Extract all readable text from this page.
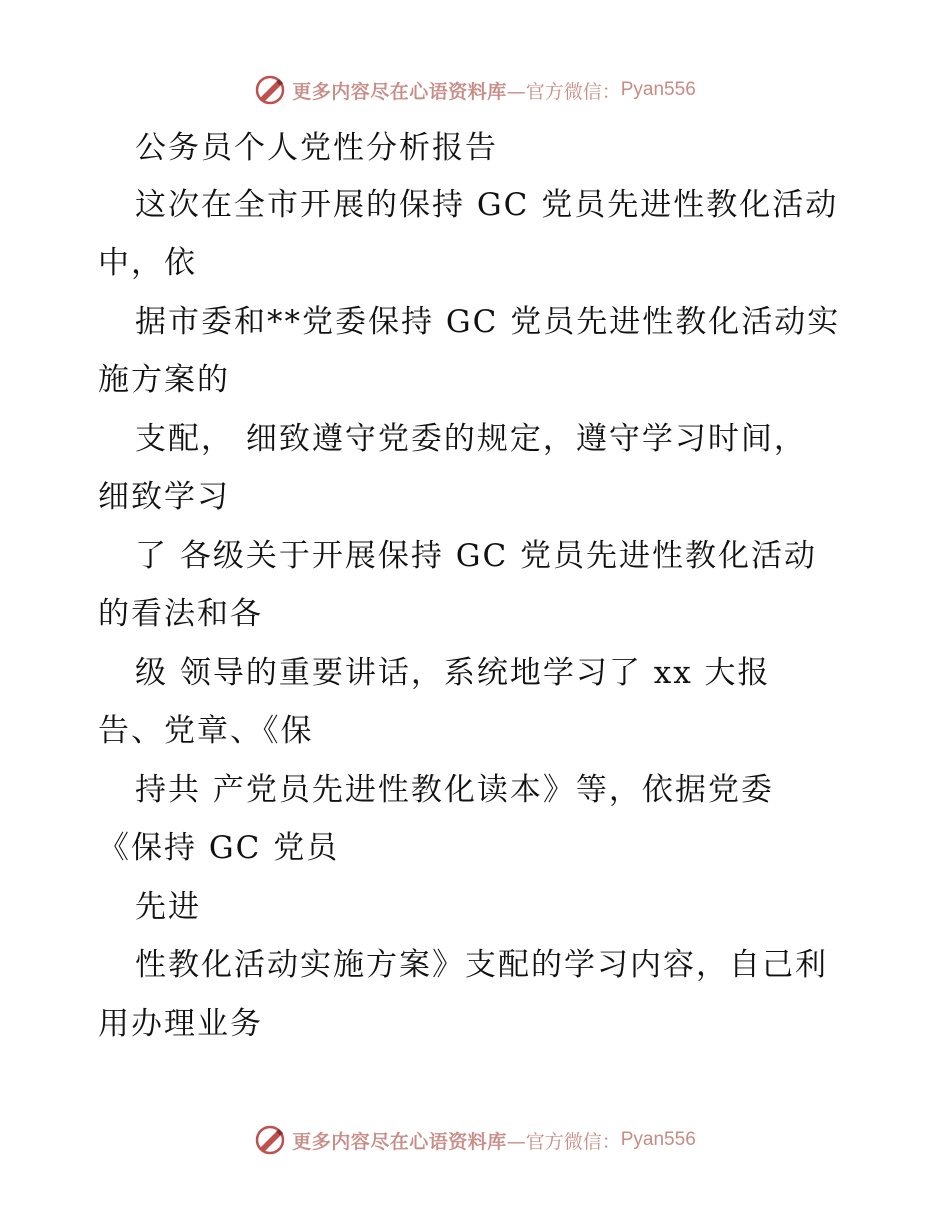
更多内容尽在心语资料库 —官方微信： Pyan556
公务员个人党性分析报告
这次在全市开展的保持 GC 党员先进性教化活动
中，依
据市委和**党委保持 GC 党员先进性教化活动实
施方案的
支配， 细致遵守党委的规定，遵守学习时间，
细致学习
了 各级关于开展保持 GC 党员先进性教化活动
的看法和各
级 领导的重要讲话，系统地学习了 xx 大报
告、党章、《保
持共 产党员先进性教化读本》等，依据党委
《保持 GC 党员
先进
性教化活动实施方案》支配的学习内容，自己利
用办理业务
更多内容尽在心语资料库 —官方微信： Pyan556
